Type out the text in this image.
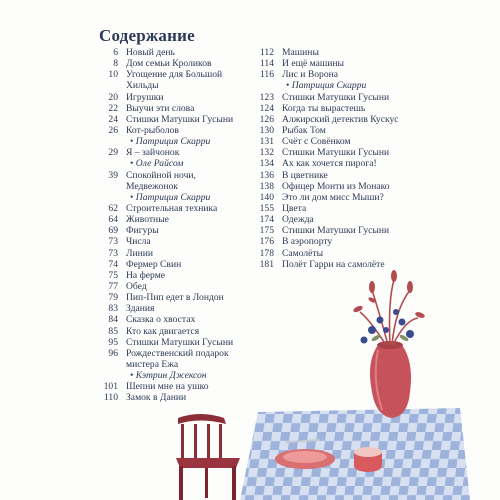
Содержание
6 Новый день
8 Дом семьи Кроликов
10 Угощение для Большой
Хильды
20 Игрушки
22 Выучи эти слова
24 Стишки Матушки Гусыни
26 Кот-рыболов
• Патриция Скарри
29 Я – зайчонок
• Оле Райсом
39 Спокойной ночи,
Медвежонок
• Патриция Скарри
62 Строительная техника
64 Животные
69 Фигуры
73 Числа
73 Линии
74 Фермер Свин
75 На ферме
77 Обед
79 Пип-Пип едет в Лондон
83 Здания
84 Сказка о хвостах
85 Кто как двигается
95 Стишки Матушки Гусыни
96 Рождественский подарок
мистера Ежа
• Кэтрин Джексон
101 Шепни мне на ушко
110 Замок в Дании
112 Машины
114 И ещё машины
116 Лис и Ворона
• Патриция Скарри
123 Стишки Матушки Гусыни
124 Когда ты вырастешь
126 Алжирский детектив Кускус
130 Рыбак Том
131 Счёт с Совёнком
132 Стишки Матушки Гусыни
134 Ах как хочется пирога!
136 В цветнике
138 Офицер Монти из Монако
140 Это ли дом мисс Мыши?
155 Цвета
174 Одежда
175 Стишки Матушки Гусыни
176 В аэропорту
178 Самолёты
181 Полёт Гарри на самолёте
